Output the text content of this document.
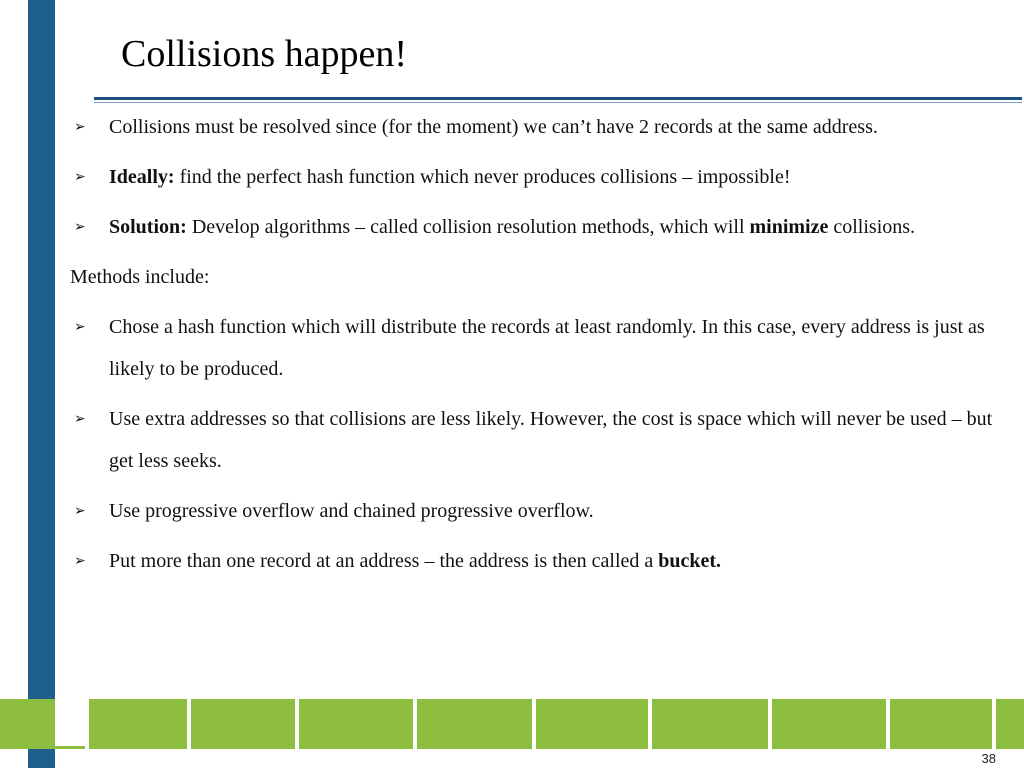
Collisions happen!
➢ Collisions must be resolved since (for the moment) we can’t have 2 records at the same address.
➢ Ideally: find the perfect hash function which never produces collisions – impossible!
➢ Solution: Develop algorithms – called collision resolution methods, which will minimize collisions.
Methods include:
➢ Chose a hash function which will distribute the records at least randomly. In this case, every address is just as likely to be produced.
➢ Use extra addresses so that collisions are less likely. However, the cost is space which will never be used – but get less seeks.
➢ Use progressive overflow and chained progressive overflow.
➢ Put more than one record at an address – the address is then called a bucket.
38
